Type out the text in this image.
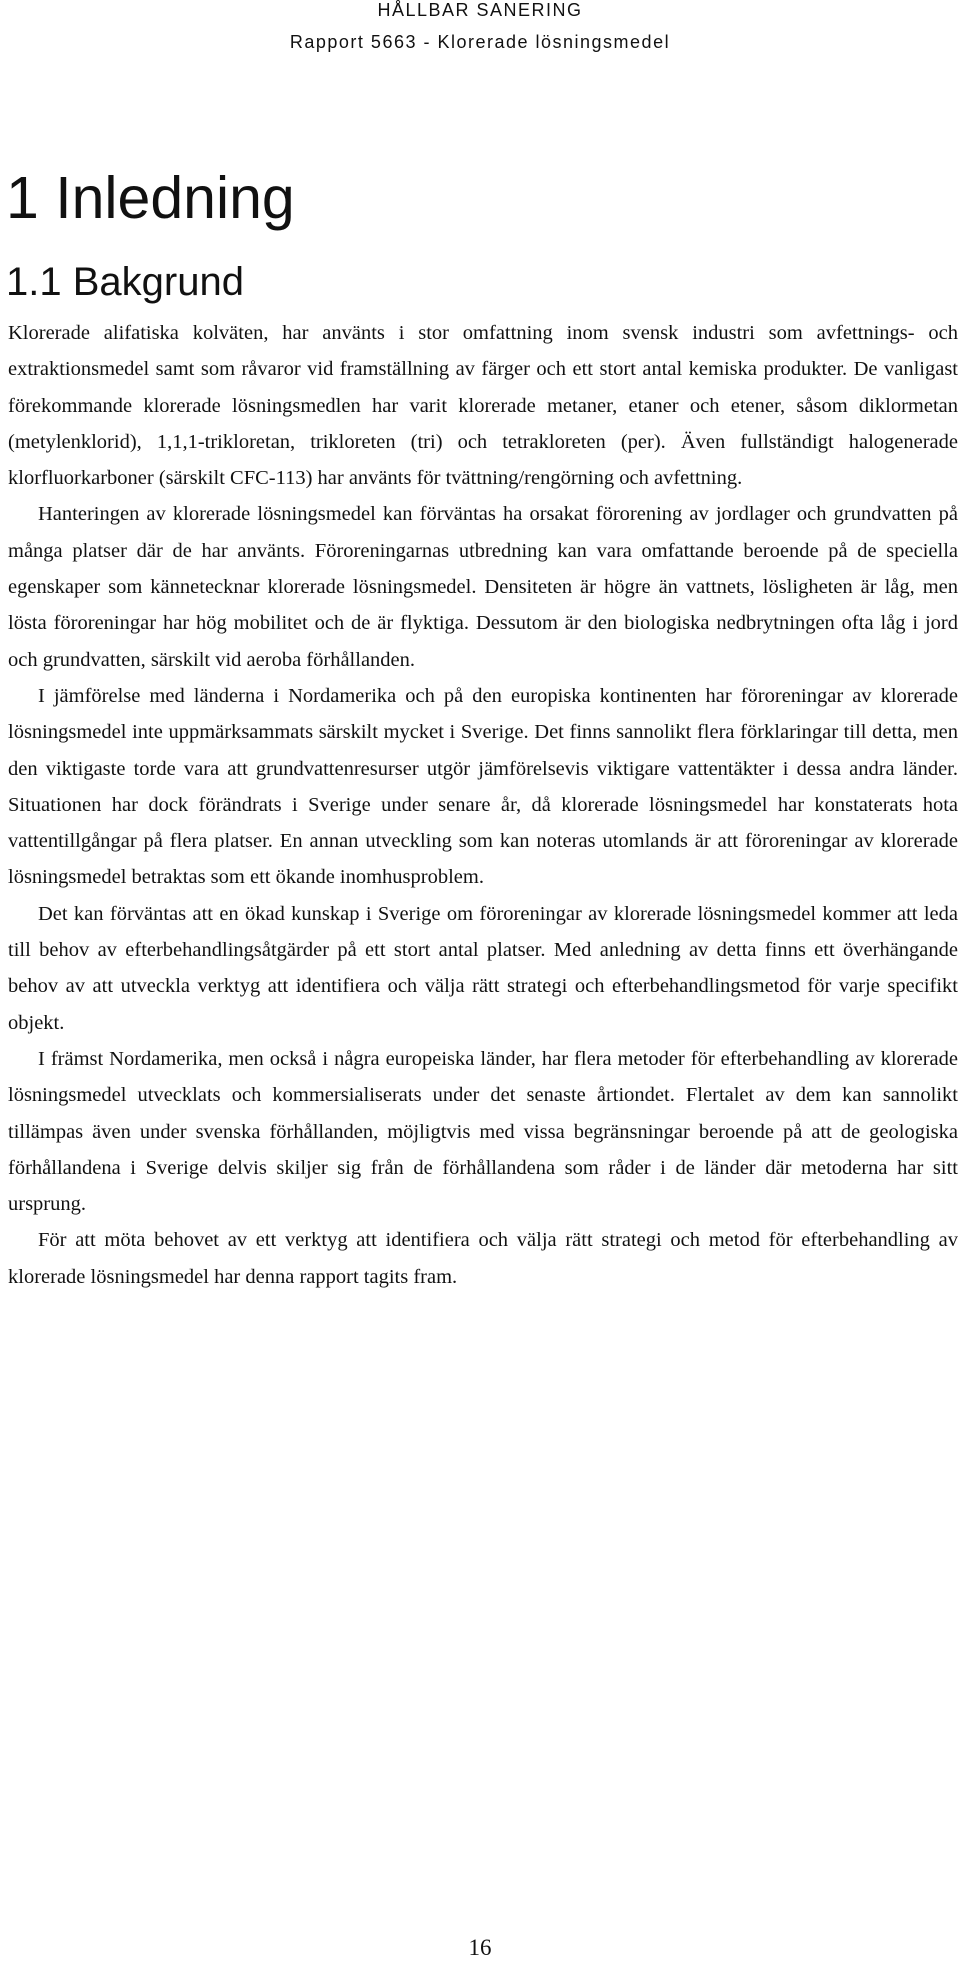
HÅLLBAR SANERING
Rapport 5663 - Klorerade lösningsmedel
1 Inledning
1.1 Bakgrund

Klorerade alifatiska kolväten, har använts i stor omfattning inom svensk industri som avfettnings- och extraktionsmedel samt som råvaror vid framställning av färger och ett stort antal kemiska produkter. De vanligast förekommande klorerade lösningsmedlen har varit klorerade metaner, etaner och etener, såsom diklormetan (metylenklorid), 1,1,1-trikloretan, trikloreten (tri) och tetrakloreten (per). Även fullständigt halogenerade klorfluorkarboner (särskilt CFC-113) har använts för tvättning/rengörning och avfettning.

Hanteringen av klorerade lösningsmedel kan förväntas ha orsakat förorening av jordlager och grundvatten på många platser där de har använts. Föroreningarnas utbredning kan vara omfattande beroende på de speciella egenskaper som kännetecknar klorerade lösningsmedel. Densiteten är högre än vattnets, lösligheten är låg, men lösta föroreningar har hög mobilitet och de är flyktiga. Dessutom är den biologiska nedbrytningen ofta låg i jord och grundvatten, särskilt vid aeroba förhållanden.

I jämförelse med länderna i Nordamerika och på den europiska kontinenten har föroreningar av klorerade lösningsmedel inte uppmärksammats särskilt mycket i Sverige. Det finns sannolikt flera förklaringar till detta, men den viktigaste torde vara att grundvattenresurser utgör jämförelsevis viktigare vattentäkter i dessa andra länder. Situationen har dock förändrats i Sverige under senare år, då klorerade lösningsmedel har konstaterats hota vattentillgångar på flera platser. En annan utveckling som kan noteras utomlands är att föroreningar av klorerade lösningsmedel betraktas som ett ökande inomhusproblem.

Det kan förväntas att en ökad kunskap i Sverige om föroreningar av klorerade lösningsmedel kommer att leda till behov av efterbehandlingsåtgärder på ett stort antal platser. Med anledning av detta finns ett överhängande behov av att utveckla verktyg att identifiera och välja rätt strategi och efterbehandlingsmetod för varje specifikt objekt.

I främst Nordamerika, men också i några europeiska länder, har flera metoder för efterbehandling av klorerade lösningsmedel utvecklats och kommersialiserats under det senaste årtiondet. Flertalet av dem kan sannolikt tillämpas även under svenska förhållanden, möjligtvis med vissa begränsningar beroende på att de geologiska förhållandena i Sverige delvis skiljer sig från de förhållandena som råder i de länder där metoderna har sitt ursprung.

För att möta behovet av ett verktyg att identifiera och välja rätt strategi och metod för efterbehandling av klorerade lösningsmedel har denna rapport tagits fram.

16
